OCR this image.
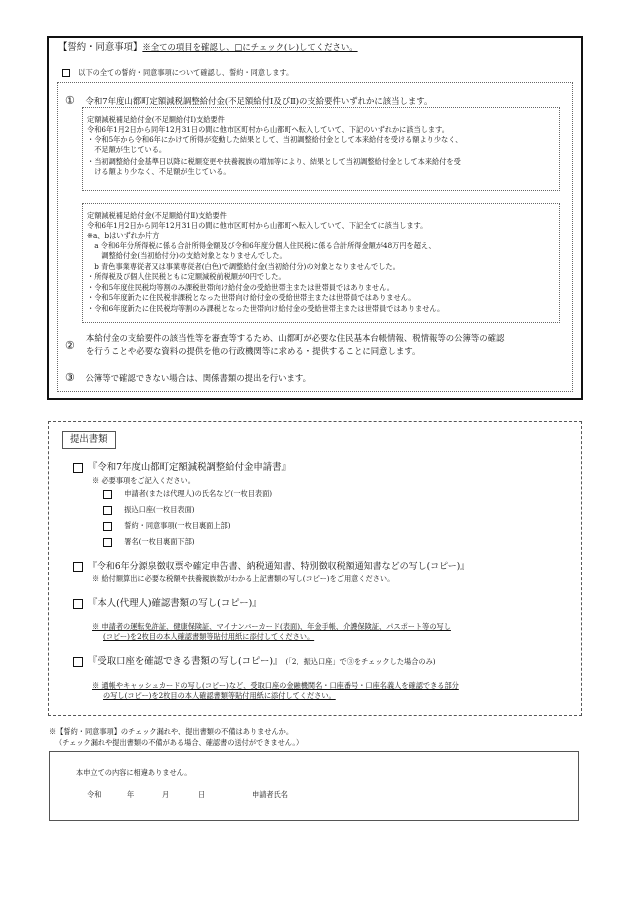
【誓約・同意事項】※全ての項目を確認し、□にチェック(レ)してください。
以下の全ての誓約・同意事項について確認し、誓約・同意します。
① 令和7年度山都町定額減税調整給付金(不足額給付Ⅰ及びⅡ)の支給要件いずれかに該当します。
定額減税補足給付金(不足額給付Ⅰ)支給要件
令和6年1月2日から同年12月31日の間に他市区町村から山都町へ転入していて、下記のいずれかに該当します。
・令和5年から令和6年にかけて所得が変動した結果として、当初調整給付金として本来給付を受ける額より少なく、
　不足額が生じている。
・当初調整給付金基準日以降に税額変更や扶養親族の増加等により、結果として当初調整給付金として本来給付を受
　ける額より少なく、不足額が生じている。
定額減税補足給付金(不足額給付Ⅱ)支給要件
令和6年1月2日から同年12月31日の間に他市区町村から山都町へ転入していて、下記全てに該当します。
※a、bはいずれか片方
　a 令和6年分所得税に係る合計所得金額及び令和6年度分個人住民税に係る合計所得金額が48万円を超え、
　　調整給付金(当初給付分)の支給対象となりませんでした。
　b 青色事業専従者又は事業専従者(白色)で調整給付金(当初給付分)の対象となりませんでした。
・所得税及び個人住民税ともに定額減税前税額が0円でした。
・令和5年度住民税均等割のみ課税世帯向け給付金の受給世帯主または世帯員ではありません。
・令和5年度新たに住民税非課税となった世帯向け給付金の受給世帯主または世帯員ではありません。
・令和6年度新たに住民税均等割のみ課税となった世帯向け給付金の受給世帯主または世帯員ではありません。
②
本給付金の支給要件の該当性等を審査等するため、山都町が必要な住民基本台帳情報、税情報等の公簿等の確認
を行うことや必要な資料の提供を他の行政機関等に求める・提供することに同意します。
③ 公簿等で確認できない場合は、関係書類の提出を行います。
提出書類
『令和7年度山都町定額減税調整給付金申請書』
※ 必要事項をご記入ください。
申請者(または代理人)の氏名など(一枚目表面)
振込口座(一枚目表面)
誓約・同意事項(一枚目裏面上部)
署名(一枚目裏面下部)
『令和6年分源泉徴収票や確定申告書、納税通知書、特別徴収税額通知書などの写し(コピー)』
※ 給付額算出に必要な税額や扶養親族数がわかる上記書類の写し(コピー)をご用意ください。
『本人(代理人)確認書類の写し(コピー)』
※ 申請者の運転免許証、健康保険証、マイナンバーカード(表面)、年金手帳、介護保険証、パスポート等の写し
(コピー)を2枚目の本人確認書類等貼付用紙に添付してください。
『受取口座を確認できる書類の写し(コピー)』 (「2．振込口座」で③をチェックした場合のみ)
※ 通帳やキャッシュカードの写し(コピー)など、受取口座の金融機関名・口座番号・口座名義人を確認できる部分
の写し(コピー)を2枚目の本人確認書類等貼付用紙に添付してください。
※【誓約・同意事項】のチェック漏れや、提出書類の不備はありませんか。
（チェック漏れや提出書類の不備がある場合、確認書の送付ができません。）
本申立ての内容に相違ありません。
令和	年	月	日	申請者氏名
